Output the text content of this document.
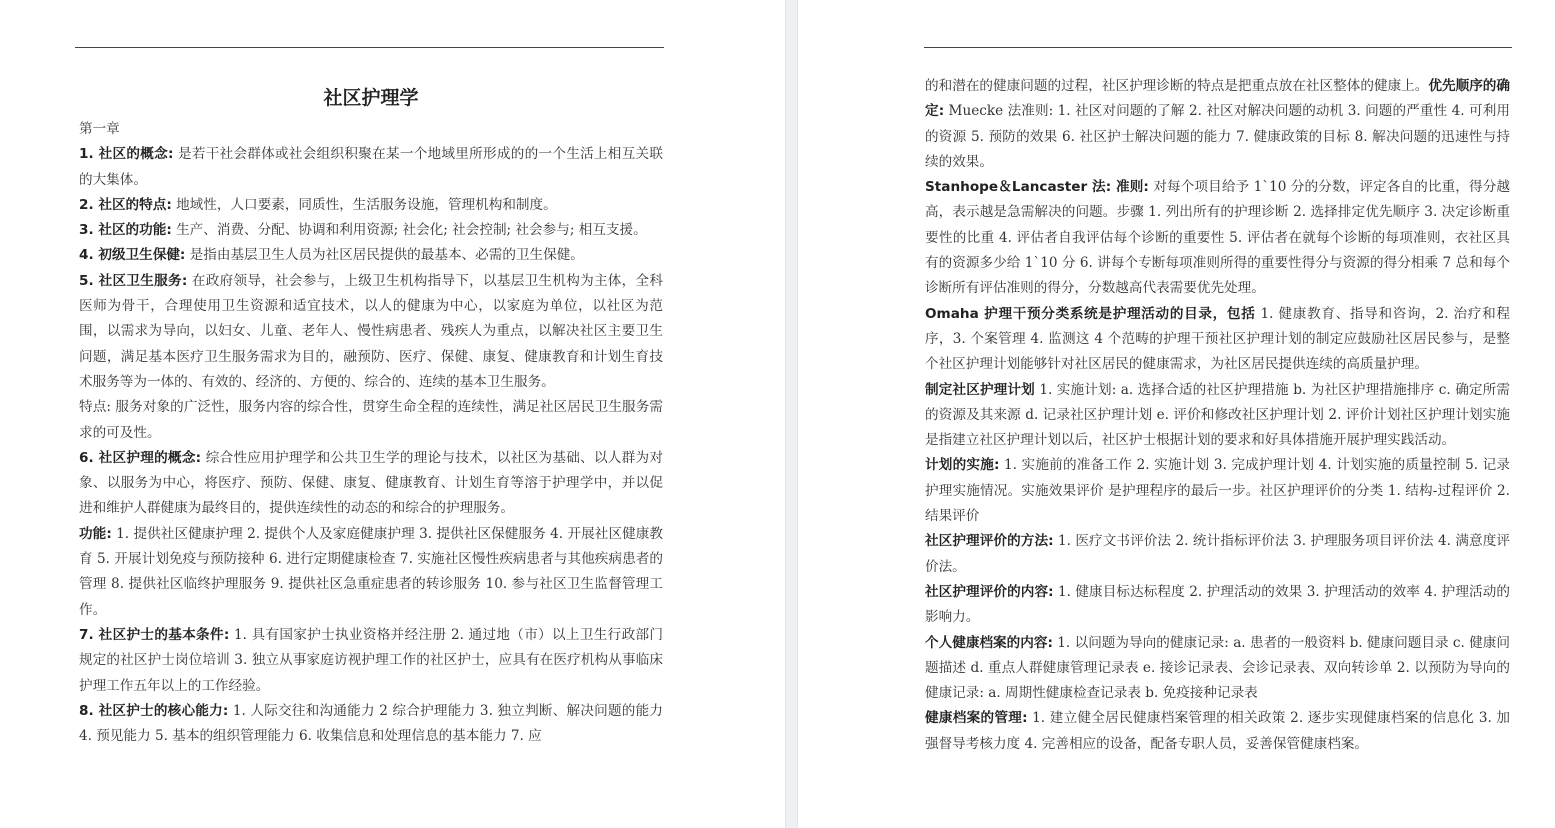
社区护理学

第一章

1. 社区的概念: 是若干社会群体或社会组织积聚在某一个地域里所形成的的一个生活上相互关联的大集体。

2. 社区的特点: 地域性，人口要素，同质性，生活服务设施，管理机构和制度。

3. 社区的功能: 生产、消费、分配、协调和利用资源; 社会化; 社会控制; 社会参与; 相互支援。

4. 初级卫生保健: 是指由基层卫生人员为社区居民提供的最基本、必需的卫生保健。

5. 社区卫生服务: 在政府领导，社会参与，上级卫生机构指导下，以基层卫生机构为主体，全科医师为骨干，合理使用卫生资源和适宜技术，以人的健康为中心，以家庭为单位，以社区为范围，以需求为导向，以妇女、儿童、老年人、慢性病患者、残疾人为重点，以解决社区主要卫生问题，满足基本医疗卫生服务需求为目的，融预防、医疗、保健、康复、健康教育和计划生育技术服务等为一体的、有效的、经济的、方便的、综合的、连续的基本卫生服务。

特点: 服务对象的广泛性，服务内容的综合性，贯穿生命全程的连续性，满足社区居民卫生服务需求的可及性。

6. 社区护理的概念: 综合性应用护理学和公共卫生学的理论与技术，以社区为基础、以人群为对象、以服务为中心，将医疗、预防、保健、康复、健康教育、计划生育等溶于护理学中，并以促进和维护人群健康为最终目的，提供连续性的动态的和综合的护理服务。

功能: 1. 提供社区健康护理 2. 提供个人及家庭健康护理 3. 提供社区保健服务 4. 开展社区健康教育 5. 开展计划免疫与预防接种 6. 进行定期健康检查 7. 实施社区慢性疾病患者与其他疾病患者的管理 8. 提供社区临终护理服务 9. 提供社区急重症患者的转诊服务 10. 参与社区卫生监督管理工作。

7. 社区护士的基本条件: 1. 具有国家护士执业资格并经注册 2. 通过地（市）以上卫生行政部门规定的社区护士岗位培训 3. 独立从事家庭访视护理工作的社区护士，应具有在医疗机构从事临床护理工作五年以上的工作经验。

8. 社区护士的核心能力: 1. 人际交往和沟通能力 2 综合护理能力 3. 独立判断、解决问题的能力 4. 预见能力 5. 基本的组织管理能力 6. 收集信息和处理信息的基本能力 7. 应

的和潜在的健康问题的过程，社区护理诊断的特点是把重点放在社区整体的健康上。优先顺序的确定: Muecke 法准则: 1. 社区对问题的了解 2. 社区对解决问题的动机 3. 问题的严重性 4. 可利用的资源 5. 预防的效果 6. 社区护士解决问题的能力 7. 健康政策的目标 8. 解决问题的迅速性与持续的效果。

Stanhope＆Lancaster 法: 准则: 对每个项目给予 1`10 分的分数，评定各自的比重，得分越高，表示越是急需解决的问题。步骤 1. 列出所有的护理诊断 2. 选择排定优先顺序 3. 决定诊断重要性的比重 4. 评估者自我评估每个诊断的重要性 5. 评估者在就每个诊断的每项准则，衣社区具有的资源多少给 1`10 分 6. 讲每个专断每项准则所得的重要性得分与资源的得分相乘 7 总和每个诊断所有评估准则的得分，分数越高代表需要优先处理。

Omaha 护理干预分类系统是护理活动的目录，包括 1. 健康教育、指导和咨询，2. 治疗和程序，3. 个案管理 4. 监测这 4 个范畴的护理干预社区护理计划的制定应鼓励社区居民参与，是整个社区护理计划能够针对社区居民的健康需求，为社区居民提供连续的高质量护理。

制定社区护理计划 1. 实施计划: a. 选择合适的社区护理措施 b. 为社区护理措施排序 c. 确定所需的资源及其来源 d. 记录社区护理计划 e. 评价和修改社区护理计划 2. 评价计划社区护理计划实施是指建立社区护理计划以后，社区护士根据计划的要求和好具体措施开展护理实践活动。

计划的实施: 1. 实施前的准备工作 2. 实施计划 3. 完成护理计划 4. 计划实施的质量控制 5. 记录护理实施情况。实施效果评价 是护理程序的最后一步。社区护理评价的分类 1. 结构-过程评价 2. 结果评价

社区护理评价的方法: 1. 医疗文书评价法 2. 统计指标评价法 3. 护理服务项目评价法 4. 满意度评价法。

社区护理评价的内容: 1. 健康目标达标程度 2. 护理活动的效果 3. 护理活动的效率 4. 护理活动的影响力。

个人健康档案的内容: 1. 以问题为导向的健康记录: a. 患者的一般资料 b. 健康问题目录 c. 健康问题描述 d. 重点人群健康管理记录表 e. 接诊记录表、会诊记录表、双向转诊单 2. 以预防为导向的健康记录: a. 周期性健康检查记录表 b. 免疫接种记录表

健康档案的管理: 1. 建立健全居民健康档案管理的相关政策 2. 逐步实现健康档案的信息化 3. 加强督导考核力度 4. 完善相应的设备，配备专职人员，妥善保管健康档案。
